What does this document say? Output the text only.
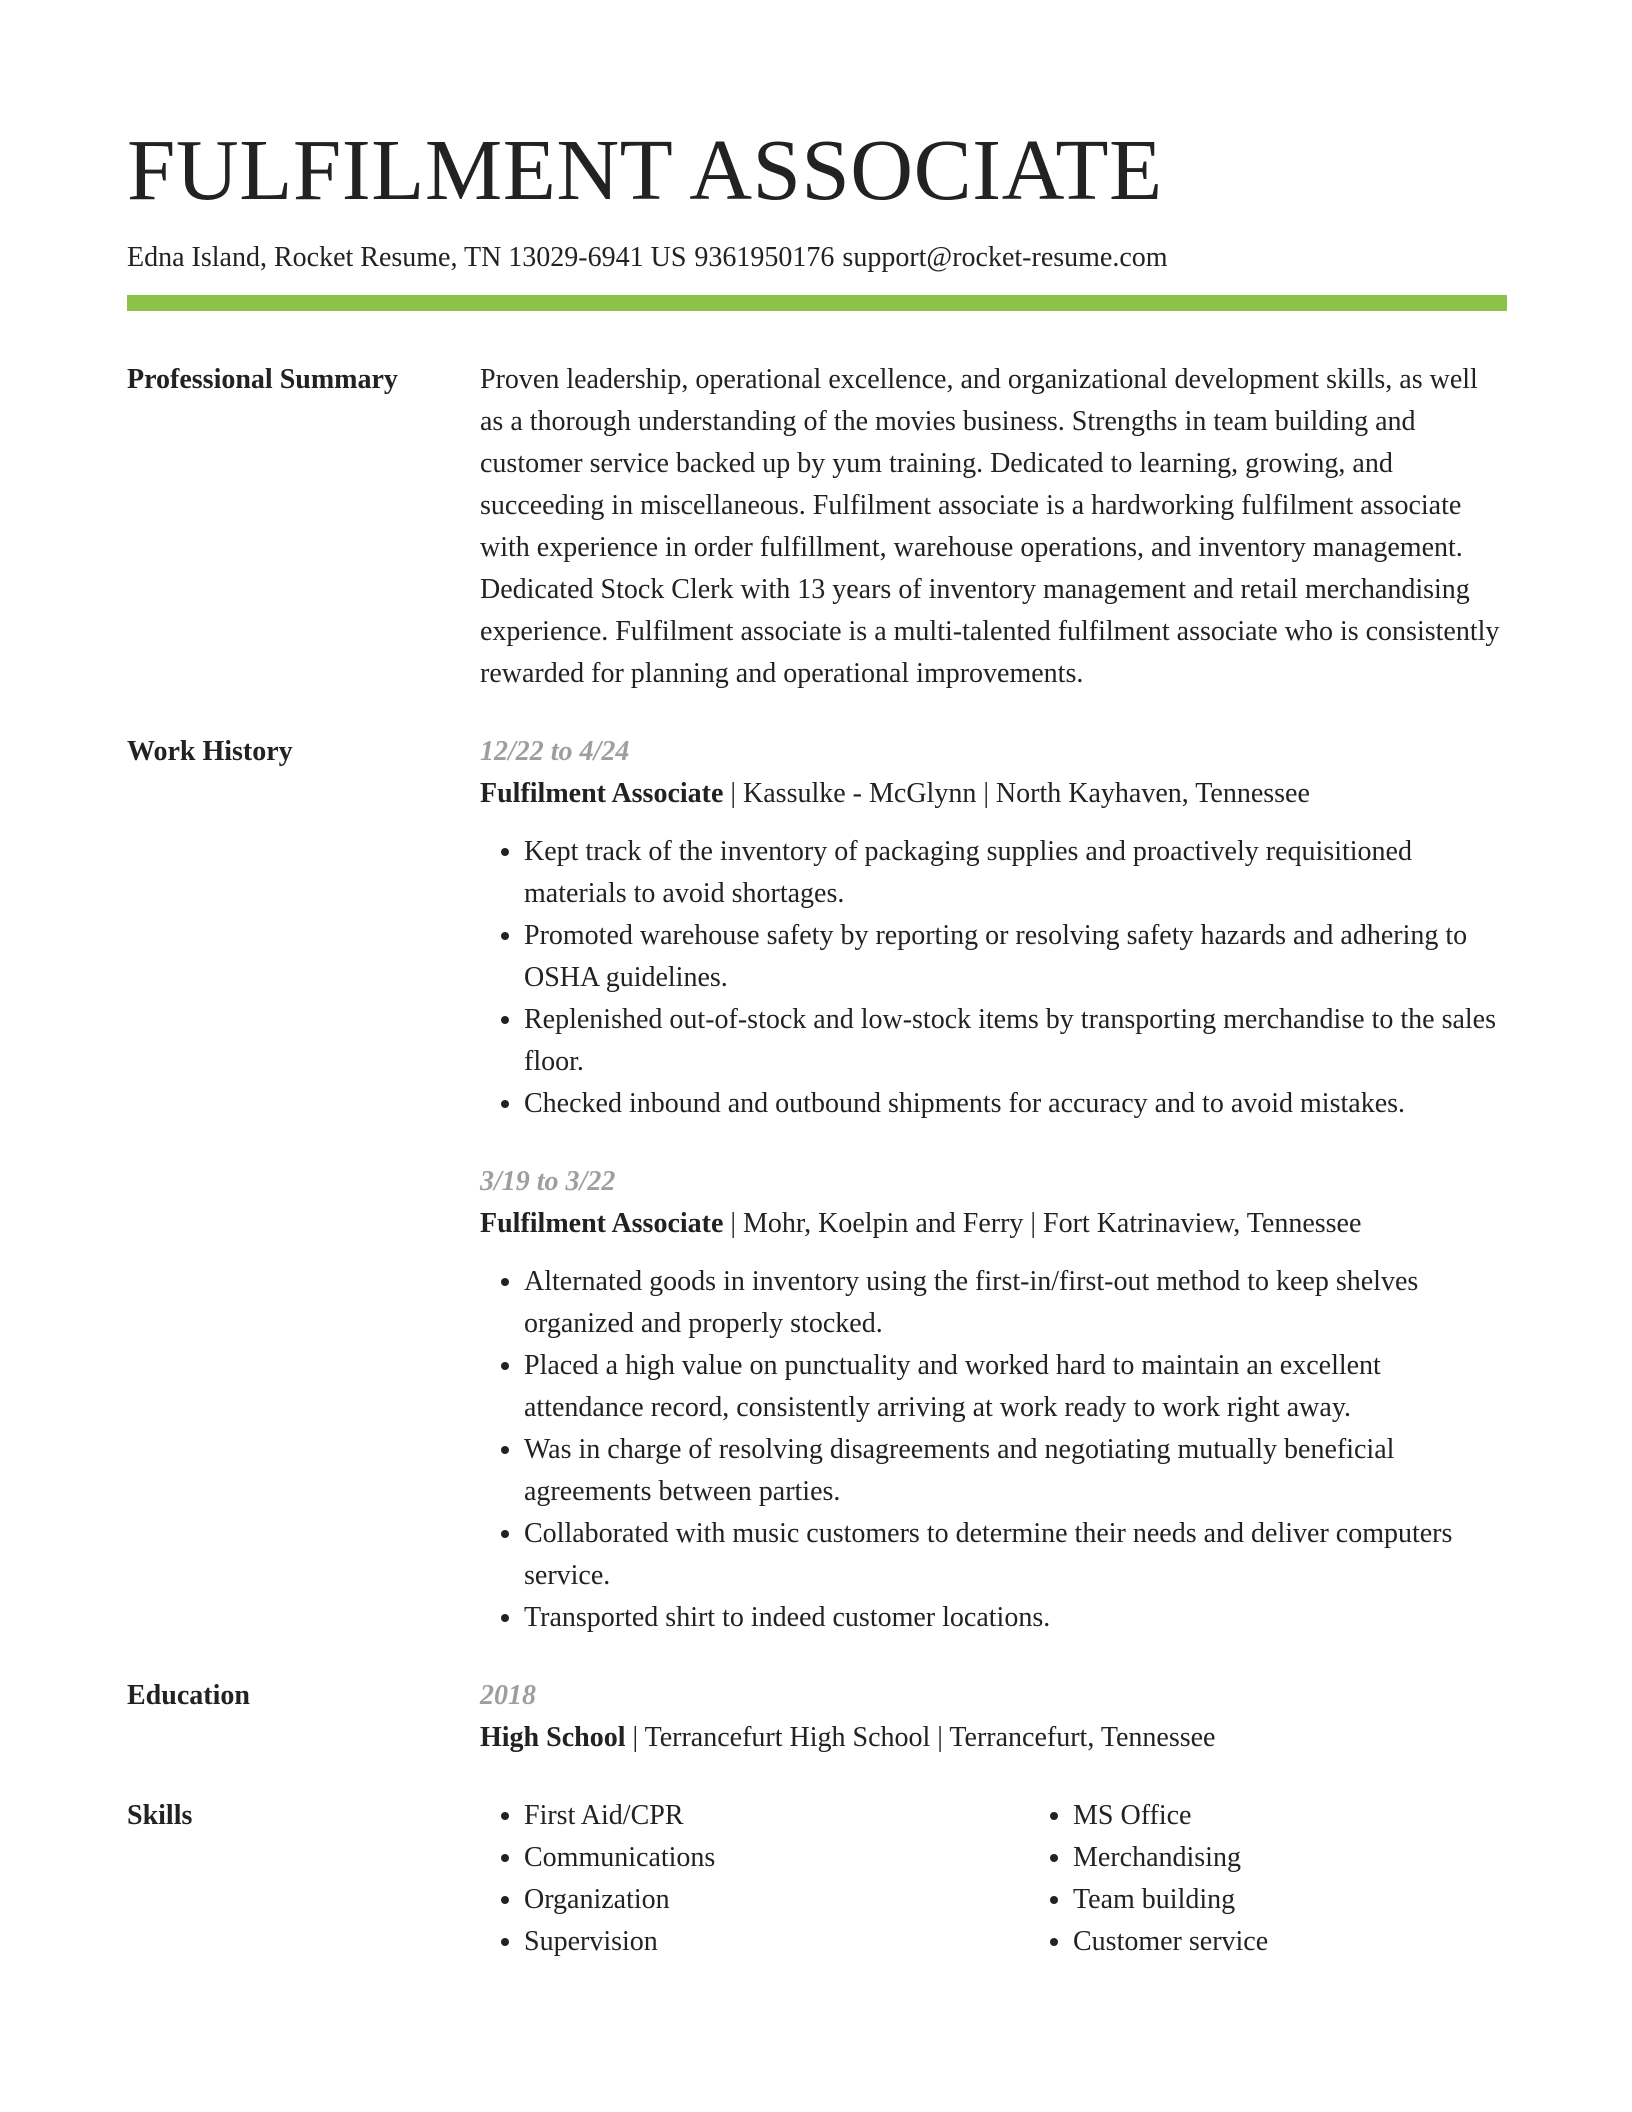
FULFILMENT ASSOCIATE
Edna Island, Rocket Resume, TN 13029-6941 US 9361950176 support@rocket-resume.com
Professional Summary	Proven leadership, operational excellence, and organizational development skills, as well as a thorough understanding of the movies business. Strengths in team building and customer service backed up by yum training. Dedicated to learning, growing, and succeeding in miscellaneous. Fulfilment associate is a hardworking fulfilment associate with experience in order fulfillment, warehouse operations, and inventory management. Dedicated Stock Clerk with 13 years of inventory management and retail merchandising experience. Fulfilment associate is a multi-talented fulfilment associate who is consistently rewarded for planning and operational improvements.

Work History	12/22 to 4/24
Fulfilment Associate | Kassulke - McGlynn | North Kayhaven, Tennessee
• Kept track of the inventory of packaging supplies and proactively requisitioned materials to avoid shortages.
• Promoted warehouse safety by reporting or resolving safety hazards and adhering to OSHA guidelines.
• Replenished out-of-stock and low-stock items by transporting merchandise to the sales floor.
• Checked inbound and outbound shipments for accuracy and to avoid mistakes.
3/19 to 3/22
Fulfilment Associate | Mohr, Koelpin and Ferry | Fort Katrinaview, Tennessee
• Alternated goods in inventory using the first-in/first-out method to keep shelves organized and properly stocked.
• Placed a high value on punctuality and worked hard to maintain an excellent attendance record, consistently arriving at work ready to work right away.
• Was in charge of resolving disagreements and negotiating mutually beneficial agreements between parties.
• Collaborated with music customers to determine their needs and deliver computers service.
• Transported shirt to indeed customer locations.
Education	2018
High School | Terrancefurt High School | Terrancefurt, Tennessee
Skills
•	First Aid/CPR
• Communications
• Organization
• Supervision
• MS Office
• Merchandising
• Team building
• Customer service
